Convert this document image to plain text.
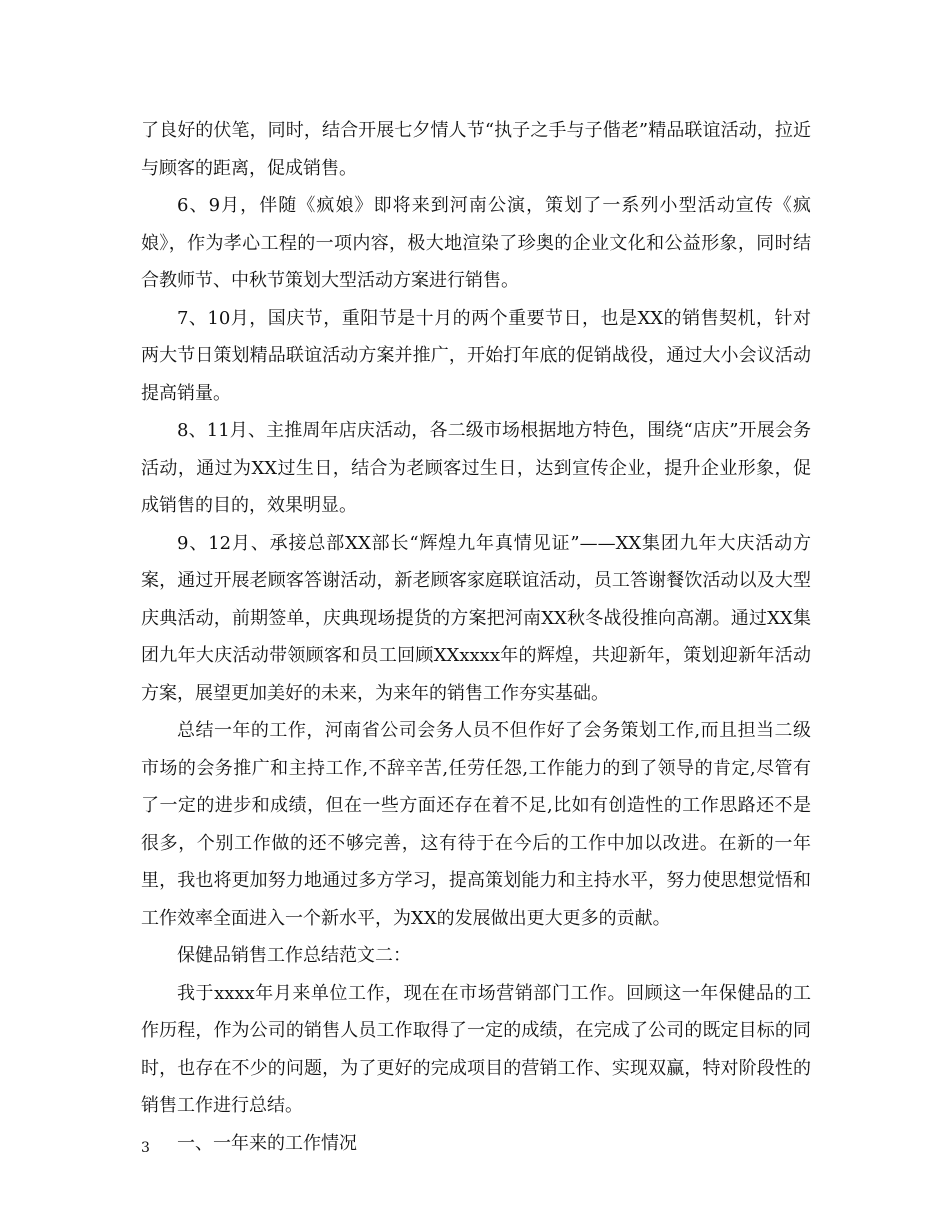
了良好的伏笔，同时，结合开展七夕情人节“执子之手与子偕老”精品联谊活动，拉近与顾客的距离，促成销售。

6、9月，伴随《疯娘》即将来到河南公演，策划了一系列小型活动宣传《疯娘》，作为孝心工程的一项内容，极大地渲染了珍奥的企业文化和公益形象，同时结合教师节、中秋节策划大型活动方案进行销售。

7、10月，国庆节，重阳节是十月的两个重要节日，也是XX的销售契机，针对两大节日策划精品联谊活动方案并推广，开始打年底的促销战役，通过大小会议活动提高销量。

8、11月、主推周年店庆活动，各二级市场根据地方特色，围绕“店庆”开展会务活动，通过为XX过生日，结合为老顾客过生日，达到宣传企业，提升企业形象，促成销售的目的，效果明显。

9、12月、承接总部XX部长“辉煌九年真情见证”——XX集团九年大庆活动方案，通过开展老顾客答谢活动，新老顾客家庭联谊活动，员工答谢餐饮活动以及大型庆典活动，前期签单，庆典现场提货的方案把河南XX秋冬战役推向高潮。通过XX集团九年大庆活动带领顾客和员工回顾XXxxxx年的辉煌，共迎新年，策划迎新年活动方案，展望更加美好的未来，为来年的销售工作夯实基础。

总结一年的工作，河南省公司会务人员不但作好了会务策划工作,而且担当二级市场的会务推广和主持工作,不辞辛苦,任劳任怨,工作能力的到了领导的肯定,尽管有了一定的进步和成绩，但在一些方面还存在着不足,比如有创造性的工作思路还不是很多，个别工作做的还不够完善，这有待于在今后的工作中加以改进。在新的一年里，我也将更加努力地通过多方学习，提高策划能力和主持水平，努力使思想觉悟和工作效率全面进入一个新水平，为XX的发展做出更大更多的贡献。

保健品销售工作总结范文二：

我于xxxx年月来单位工作，现在在市场营销部门工作。回顾这一年保健品的工作历程，作为公司的销售人员工作取得了一定的成绩，在完成了公司的既定目标的同时，也存在不少的问题，为了更好的完成项目的营销工作、实现双赢，特对阶段性的销售工作进行总结。

一、一年来的工作情况

3
